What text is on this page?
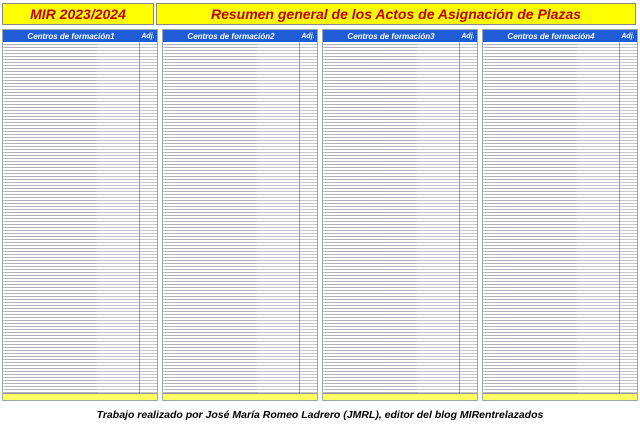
MIR 2023/2024	Resumen general de los Actos de Asignación de Plazas
Centros de formación1	Adj.	Centros de formación2	Adj.	Centros de formación3	Adj.	Centros de formación4	Adj.
Trabajo realizado por José María Romeo Ladrero (JMRL), editor del blog MIRentrelazados
